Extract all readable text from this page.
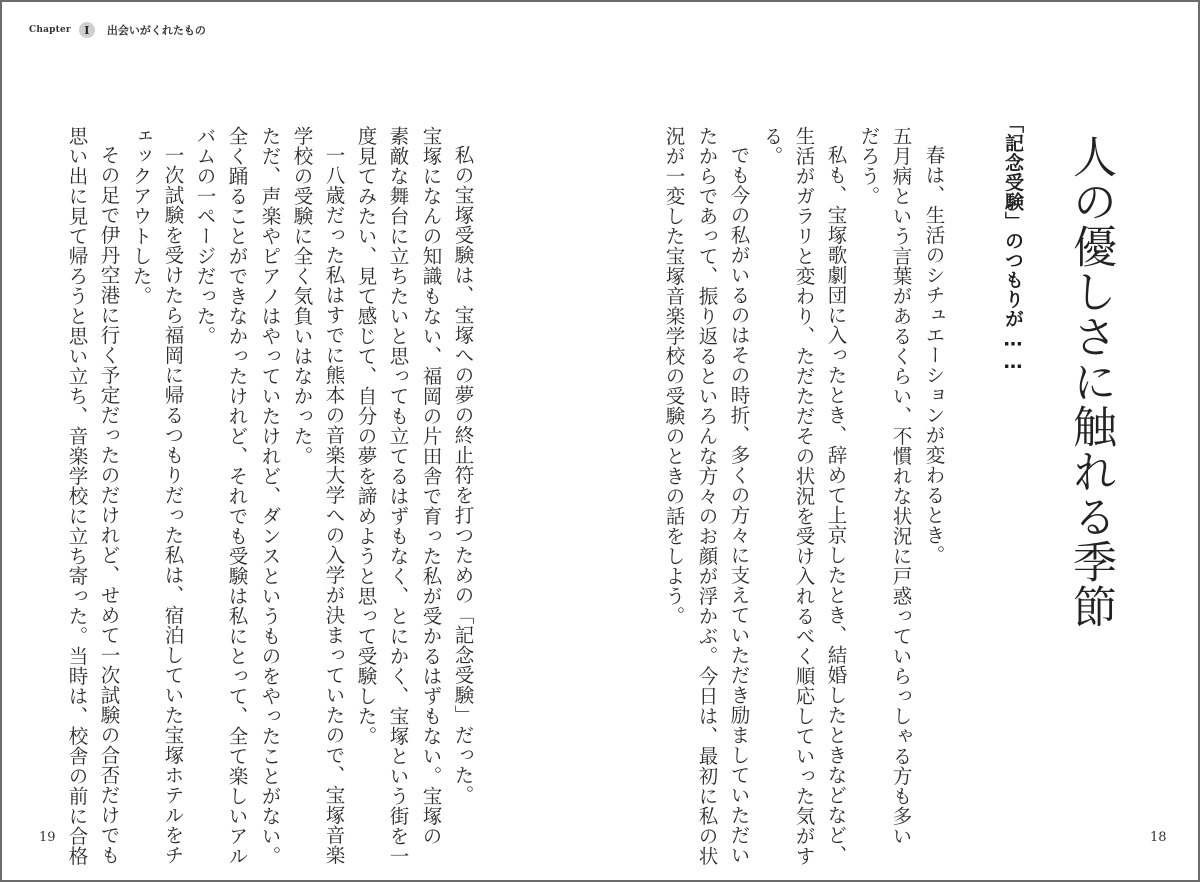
Chapter	I	出会いがくれたもの
人の優しさに触れる季節
「記念受験」のつもりが……
春は、生活のシチュエーションが変わるとき。
五月病という言葉があるくらい、不慣れな状況に戸惑っていらっしゃる方も多い
だろう。
私も、宝塚歌劇団に入ったとき、辞めて上京したとき、結婚したときなどなど、
生活がガラリと変わり、ただただその状況を受け入れるべく順応していった気がす
る。
でも今の私がいるのはその時折、多くの方々に支えていただき励ましていただい
たからであって、振り返るといろんな方々のお顔が浮かぶ。今日は、最初に私の状
況が一変した宝塚音楽学校の受験のときの話をしよう。
私の宝塚受験は、宝塚への夢の終止符を打つための「記念受験」だった。
宝塚になんの知識もない、福岡の片田舎で育った私が受かるはずもない。宝塚の
素敵な舞台に立ちたいと思っても立てるはずもなく、とにかく、宝塚という街を一
度見てみたい、見て感じて、自分の夢を諦めようと思って受験した。
一八歳だった私はすでに熊本の音楽大学への入学が決まっていたので、宝塚音楽
学校の受験に全く気負いはなかった。
ただ、声楽やピアノはやっていたけれど、ダンスというものをやったことがない。
全く踊ることができなかったけれど、それでも受験は私にとって、全て楽しいアル
バムの一ページだった。
一次試験を受けたら福岡に帰るつもりだった私は、宿泊していた宝塚ホテルをチ
ェックアウトした。
その足で伊丹空港に行く予定だったのだけれど、せめて一次試験の合否だけでも
思い出に見て帰ろうと思い立ち、音楽学校に立ち寄った。当時は、校舎の前に合格
19	18
